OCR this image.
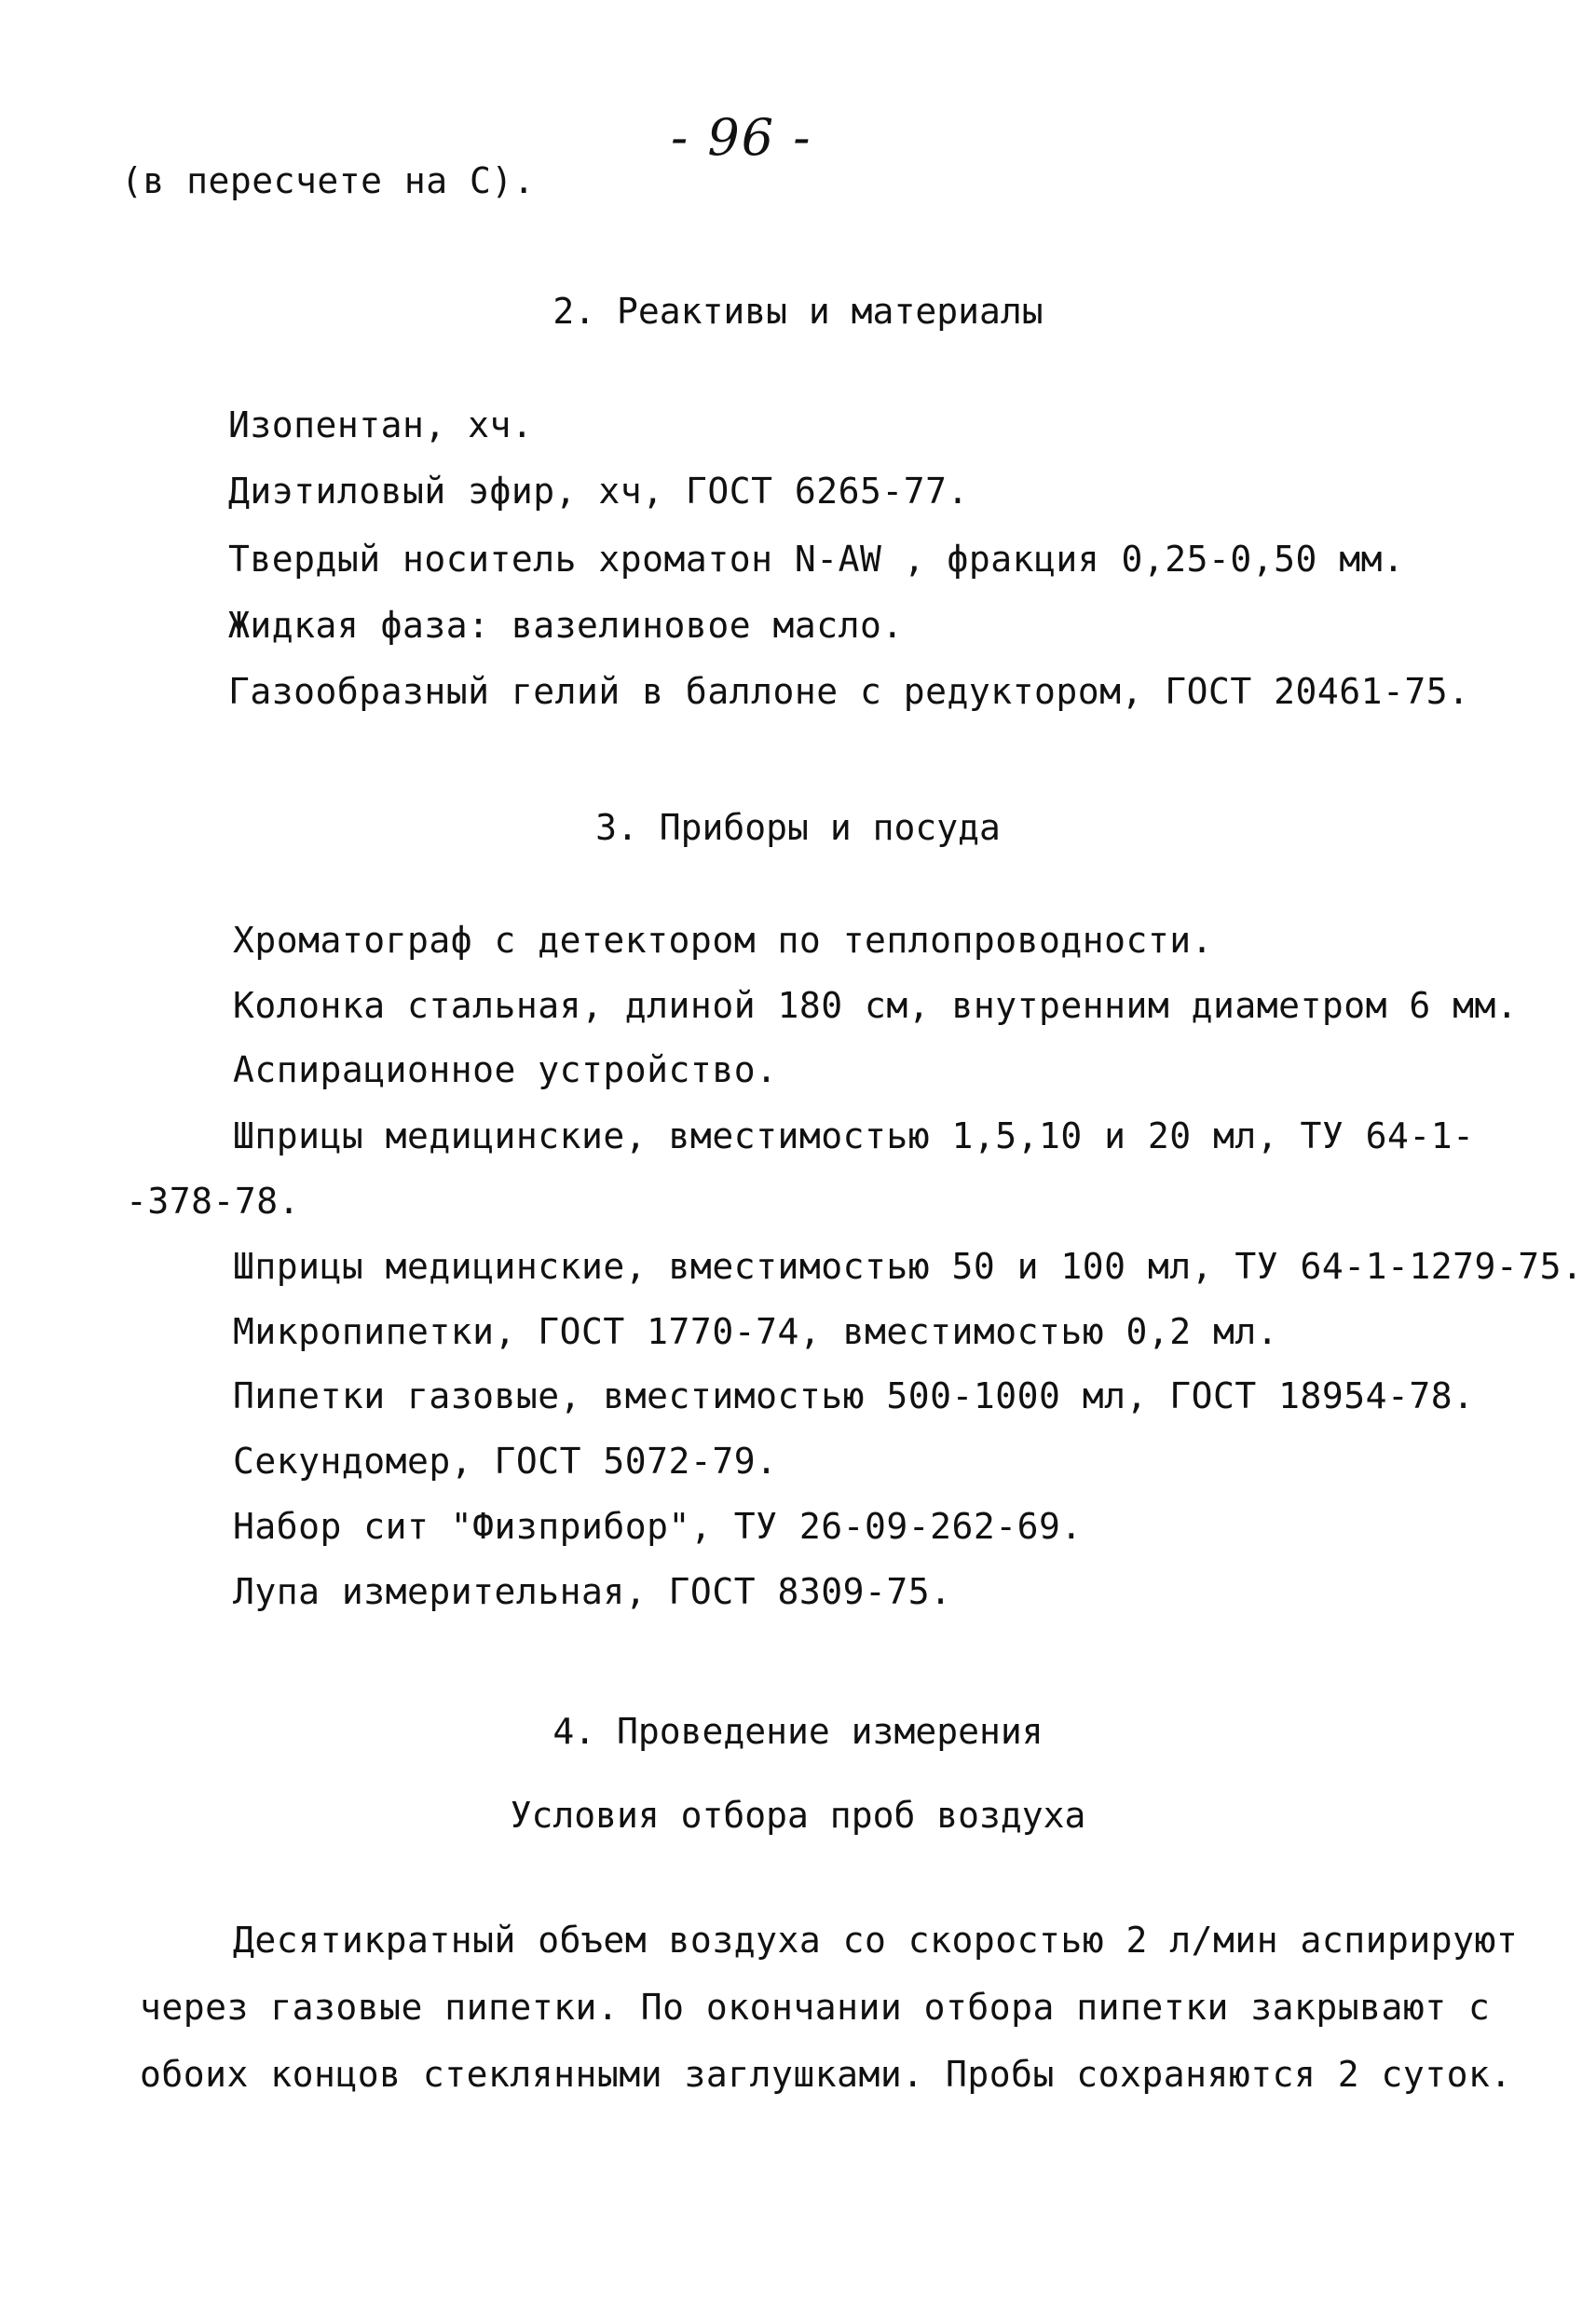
- 96 -
(в пересчете на С).
2. Реактивы и материалы
Изопентан, хч.
Диэтиловый эфир, хч, ГОСТ 6265-77.
Твердый носитель хроматон N-AW , фракция 0,25-0,50 мм.
Жидкая фаза: вазелиновое масло.
Газообразный гелий в баллоне с редуктором, ГОСТ 20461-75.
3. Приборы и посуда
Хроматограф с детектором по теплопроводности.
Колонка стальная, длиной 180 см, внутренним диаметром 6 мм.
Аспирационное устройство.
Шприцы медицинские, вместимостью 1,5,10 и 20 мл, ТУ 64-1-
-378-78.
Шприцы медицинские, вместимостью 50 и 100 мл, ТУ 64-1-1279-75.
Микропипетки, ГОСТ 1770-74, вместимостью 0,2 мл.
Пипетки газовые, вместимостью 500-1000 мл, ГОСТ 18954-78.
Секундомер, ГОСТ 5072-79.
Набор сит "Физприбор", ТУ 26-09-262-69.
Лупа измерительная, ГОСТ 8309-75.
4. Проведение измерения
Условия отбора проб воздуха
Десятикратный объем воздуха со скоростью 2 л/мин аспирируют
через газовые пипетки. По окончании отбора пипетки закрывают с
обоих концов стеклянными заглушками. Пробы сохраняются 2 суток.
